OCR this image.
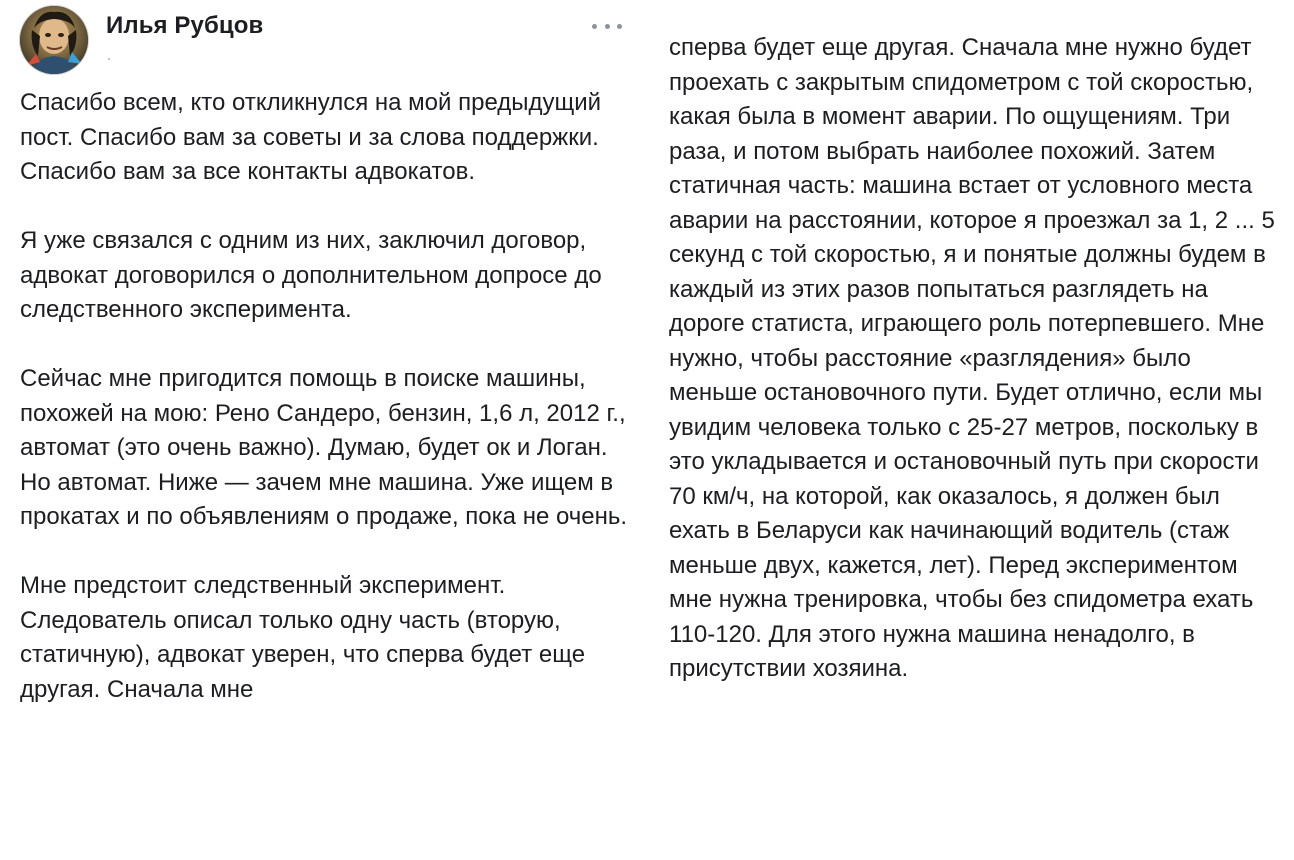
Илья Рубцов

Спасибо всем, кто откликнулся на мой предыдущий пост. Спасибо вам за советы и за слова поддержки. Спасибо вам за все контакты адвокатов.

Я уже связался с одним из них, заключил договор, адвокат договорился о дополнительном допросе до следственного эксперимента.

Сейчас мне пригодится помощь в поиске машины, похожей на мою: Рено Сандеро, бензин, 1,6 л, 2012 г., автомат (это очень важно). Думаю, будет ок и Логан. Но автомат. Ниже — зачем мне машина. Уже ищем в прокатах и по объявлениям о продаже, пока не очень.

Мне предстоит следственный эксперимент. Следователь описал только одну часть (вторую, статичную), адвокат уверен, что сперва будет еще другая. Сначала мне

сперва будет еще другая. Сначала мне нужно будет проехать с закрытым спидометром с той скоростью, какая была в момент аварии. По ощущениям. Три раза, и потом выбрать наиболее похожий. Затем статичная часть: машина встает от условного места аварии на расстоянии, которое я проезжал за 1, 2 ... 5 секунд с той скоростью, я и понятые должны будем в каждый из этих разов попытаться разглядеть на дороге статиста, играющего роль потерпевшего. Мне нужно, чтобы расстояние «разглядения» было меньше остановочного пути. Будет отлично, если мы увидим человека только с 25-27 метров, поскольку в это укладывается и остановочный путь при скорости 70 км/ч, на которой, как оказалось, я должен был ехать в Беларуси как начинающий водитель (стаж меньше двух, кажется, лет). Перед экспериментом мне нужна тренировка, чтобы без спидометра ехать 110-120. Для этого нужна машина ненадолго, в присутствии хозяина.
